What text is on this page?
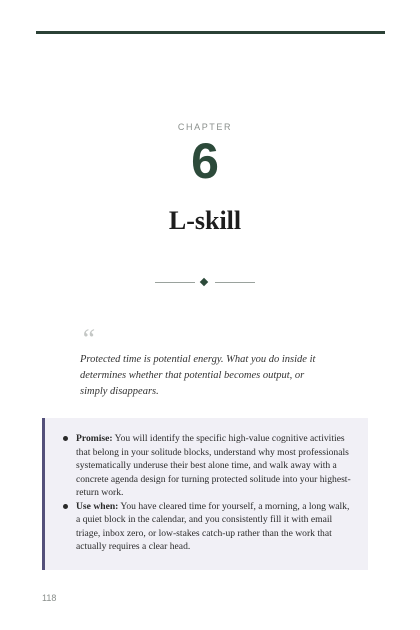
CHAPTER
6
L-skill
“
Protected time is potential energy. What you do inside it determines whether that potential becomes output, or simply disappears.
Promise: You will identify the specific high-value cognitive activities that belong in your solitude blocks, understand why most professionals systematically underuse their best alone time, and walk away with a concrete agenda design for turning protected solitude into your highest-return work.
Use when: You have cleared time for yourself, a morning, a long walk, a quiet block in the calendar, and you consistently fill it with email triage, inbox zero, or low-stakes catch-up rather than the work that actually requires a clear head.
118
